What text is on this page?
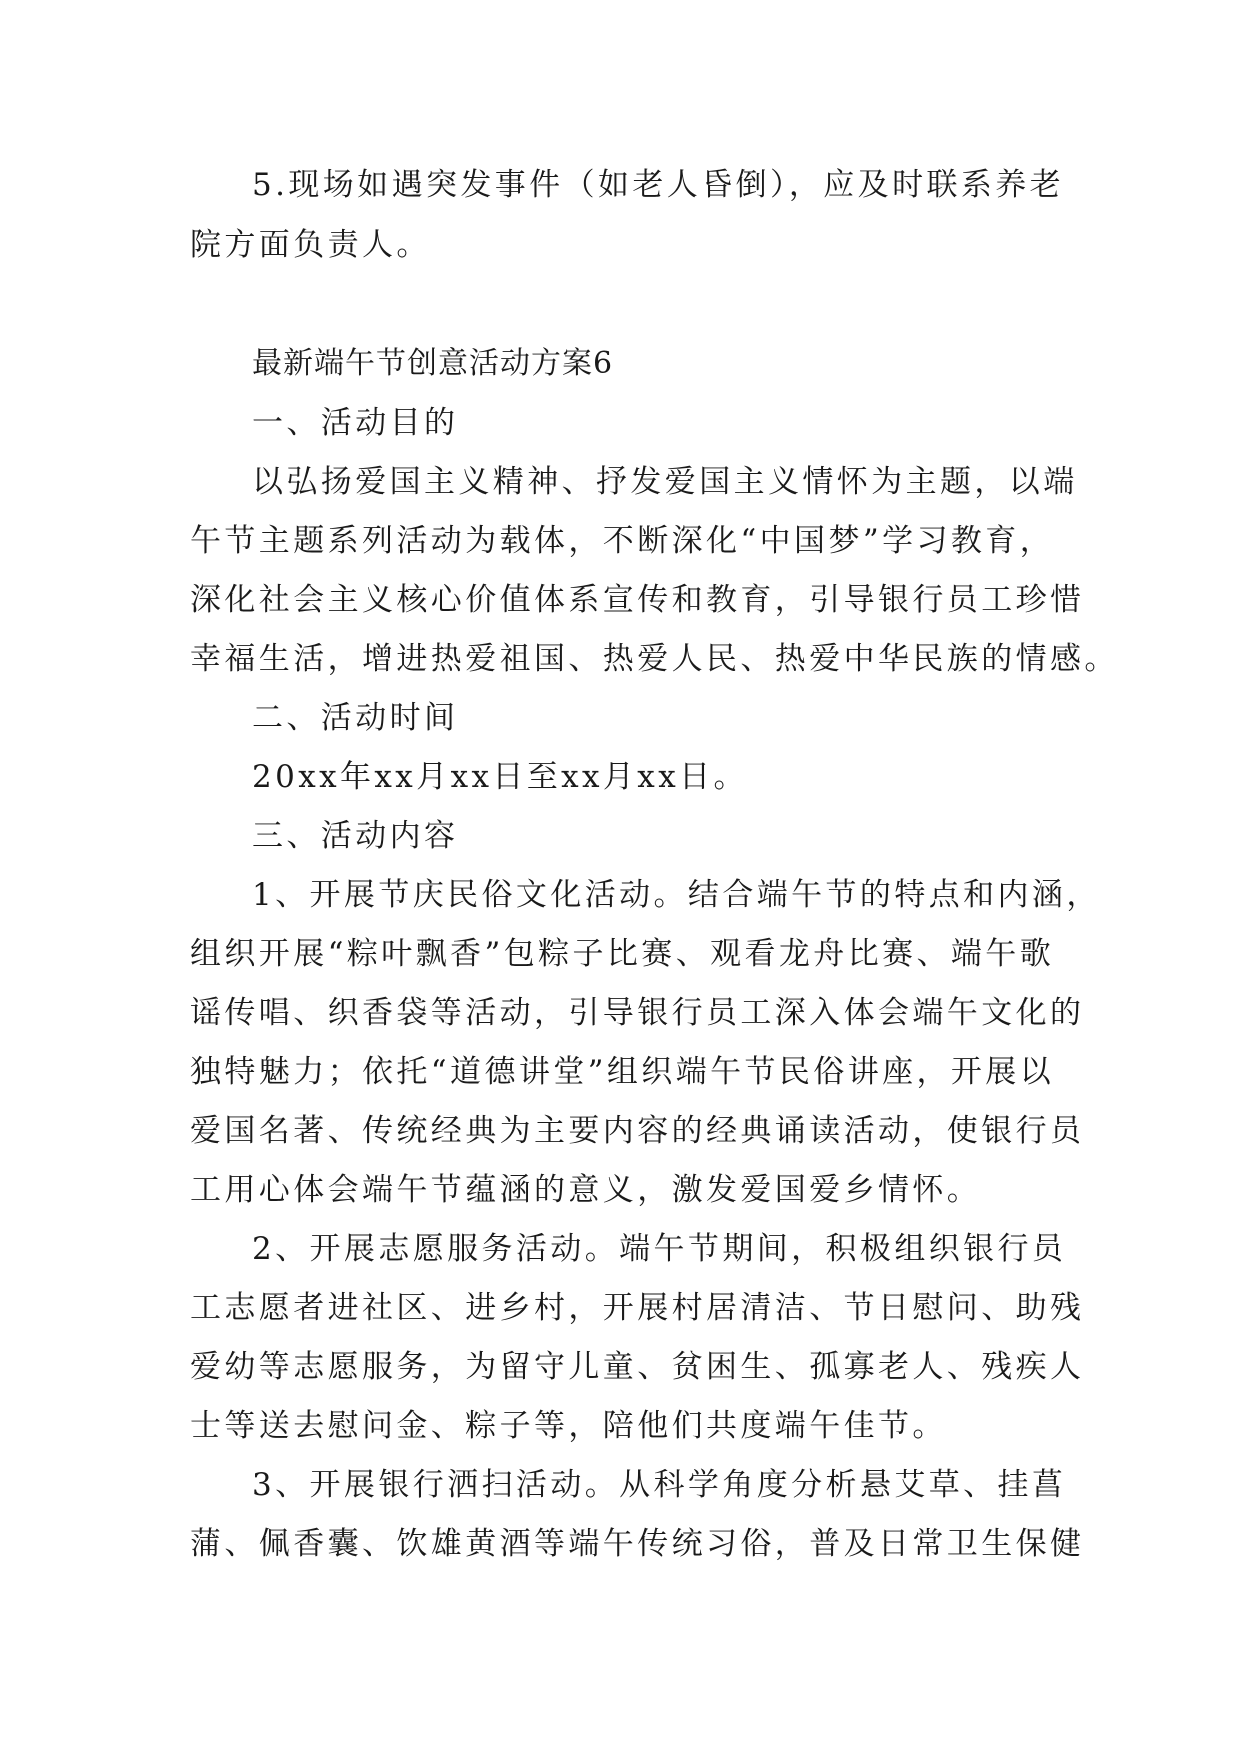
5.现场如遇突发事件（如老人昏倒），应及时联系养老
院方面负责人。
最新端午节创意活动方案6
一、活动目的
以弘扬爱国主义精神、抒发爱国主义情怀为主题，以端
午节主题系列活动为载体，不断深化“中国梦”学习教育，
深化社会主义核心价值体系宣传和教育，引导银行员工珍惜
幸福生活，增进热爱祖国、热爱人民、热爱中华民族的情感。
二、活动时间
20xx年xx月xx日至xx月xx日。
三、活动内容
1、开展节庆民俗文化活动。结合端午节的特点和内涵，
组织开展“粽叶飘香”包粽子比赛、观看龙舟比赛、端午歌
谣传唱、织香袋等活动，引导银行员工深入体会端午文化的
独特魅力；依托“道德讲堂”组织端午节民俗讲座，开展以
爱国名著、传统经典为主要内容的经典诵读活动，使银行员
工用心体会端午节蕴涵的意义，激发爱国爱乡情怀。
2、开展志愿服务活动。端午节期间，积极组织银行员
工志愿者进社区、进乡村，开展村居清洁、节日慰问、助残
爱幼等志愿服务，为留守儿童、贫困生、孤寡老人、残疾人
士等送去慰问金、粽子等，陪他们共度端午佳节。
3、开展银行洒扫活动。从科学角度分析悬艾草、挂菖
蒲、佩香囊、饮雄黄酒等端午传统习俗，普及日常卫生保健
